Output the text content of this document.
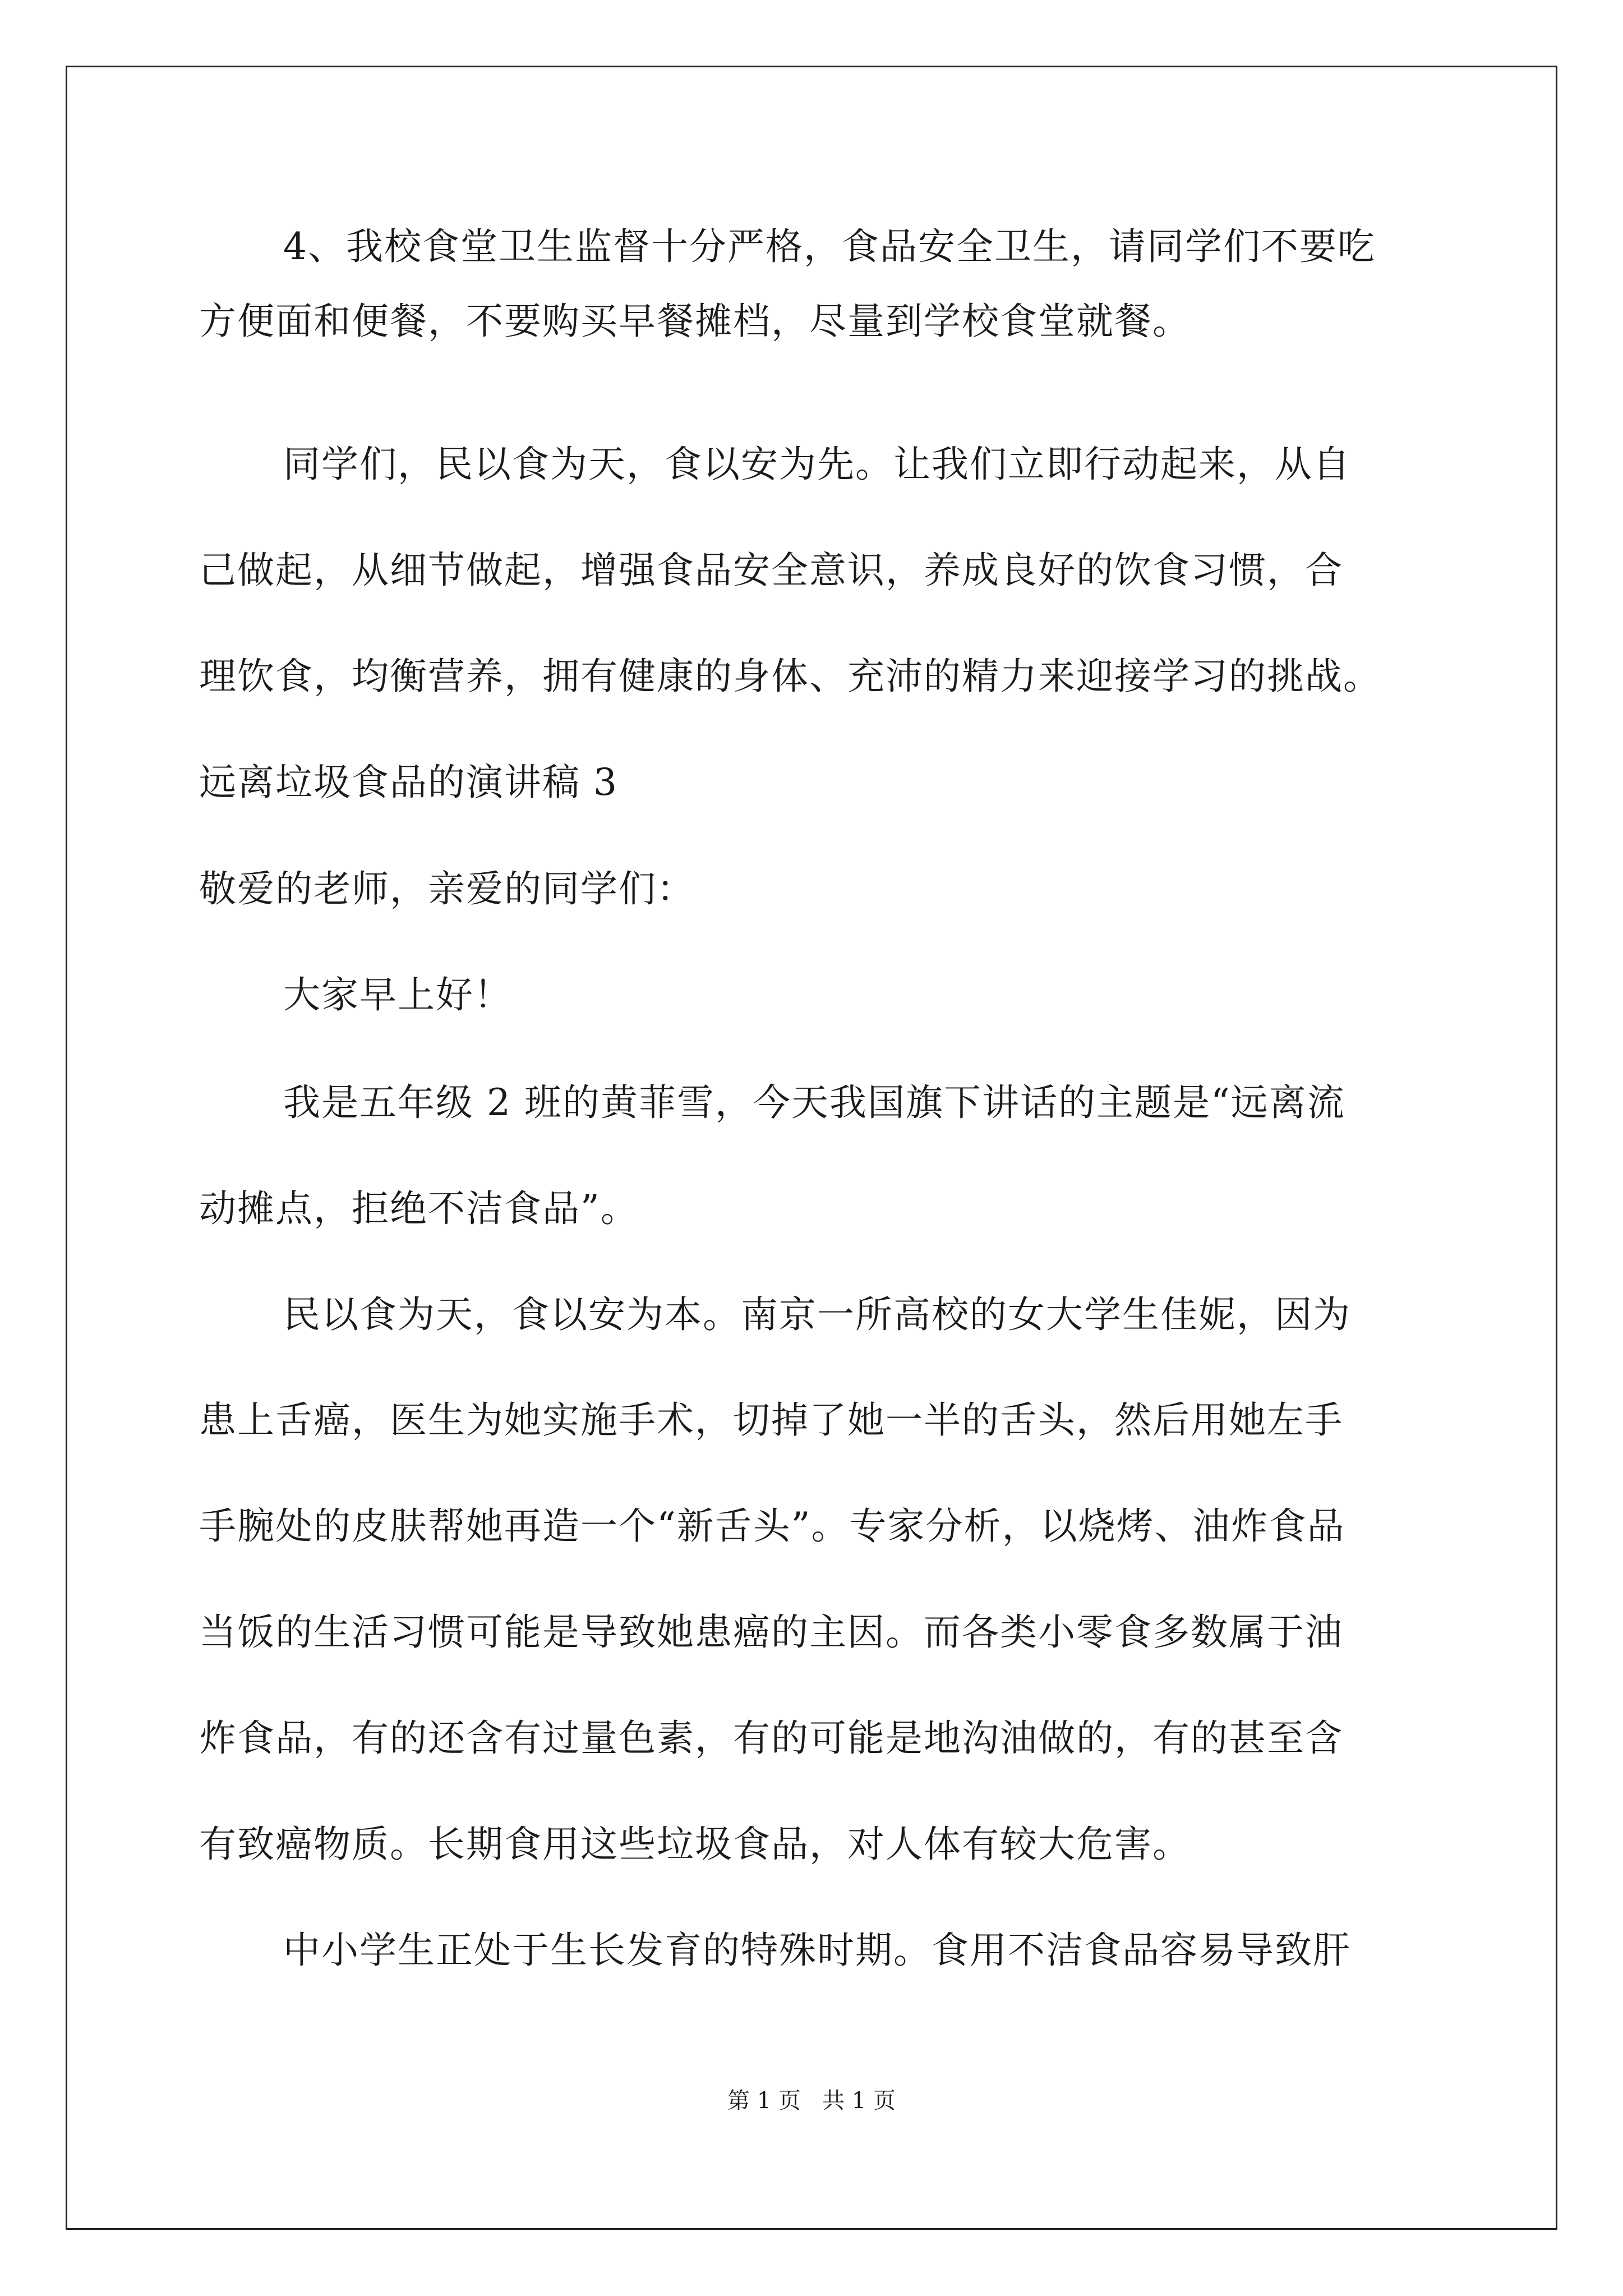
4、我校食堂卫生监督十分严格，食品安全卫生，请同学们不要吃
方便面和便餐，不要购买早餐摊档，尽量到学校食堂就餐。
同学们，民以食为天，食以安为先。让我们立即行动起来，从自
己做起，从细节做起，增强食品安全意识，养成良好的饮食习惯，合
理饮食，均衡营养，拥有健康的身体、充沛的精力来迎接学习的挑战。
远离垃圾食品的演讲稿 3
敬爱的老师，亲爱的同学们：
大家早上好！
我是五年级 2 班的黄菲雪，今天我国旗下讲话的主题是“远离流
动摊点，拒绝不洁食品”。
民以食为天，食以安为本。南京一所高校的女大学生佳妮，因为
患上舌癌，医生为她实施手术，切掉了她一半的舌头，然后用她左手
手腕处的皮肤帮她再造一个“新舌头”。专家分析，以烧烤、油炸食品
当饭的生活习惯可能是导致她患癌的主因。而各类小零食多数属于油
炸食品，有的还含有过量色素，有的可能是地沟油做的，有的甚至含
有致癌物质。长期食用这些垃圾食品，对人体有较大危害。
中小学生正处于生长发育的特殊时期。食用不洁食品容易导致肝
第 1 页   共 1 页
